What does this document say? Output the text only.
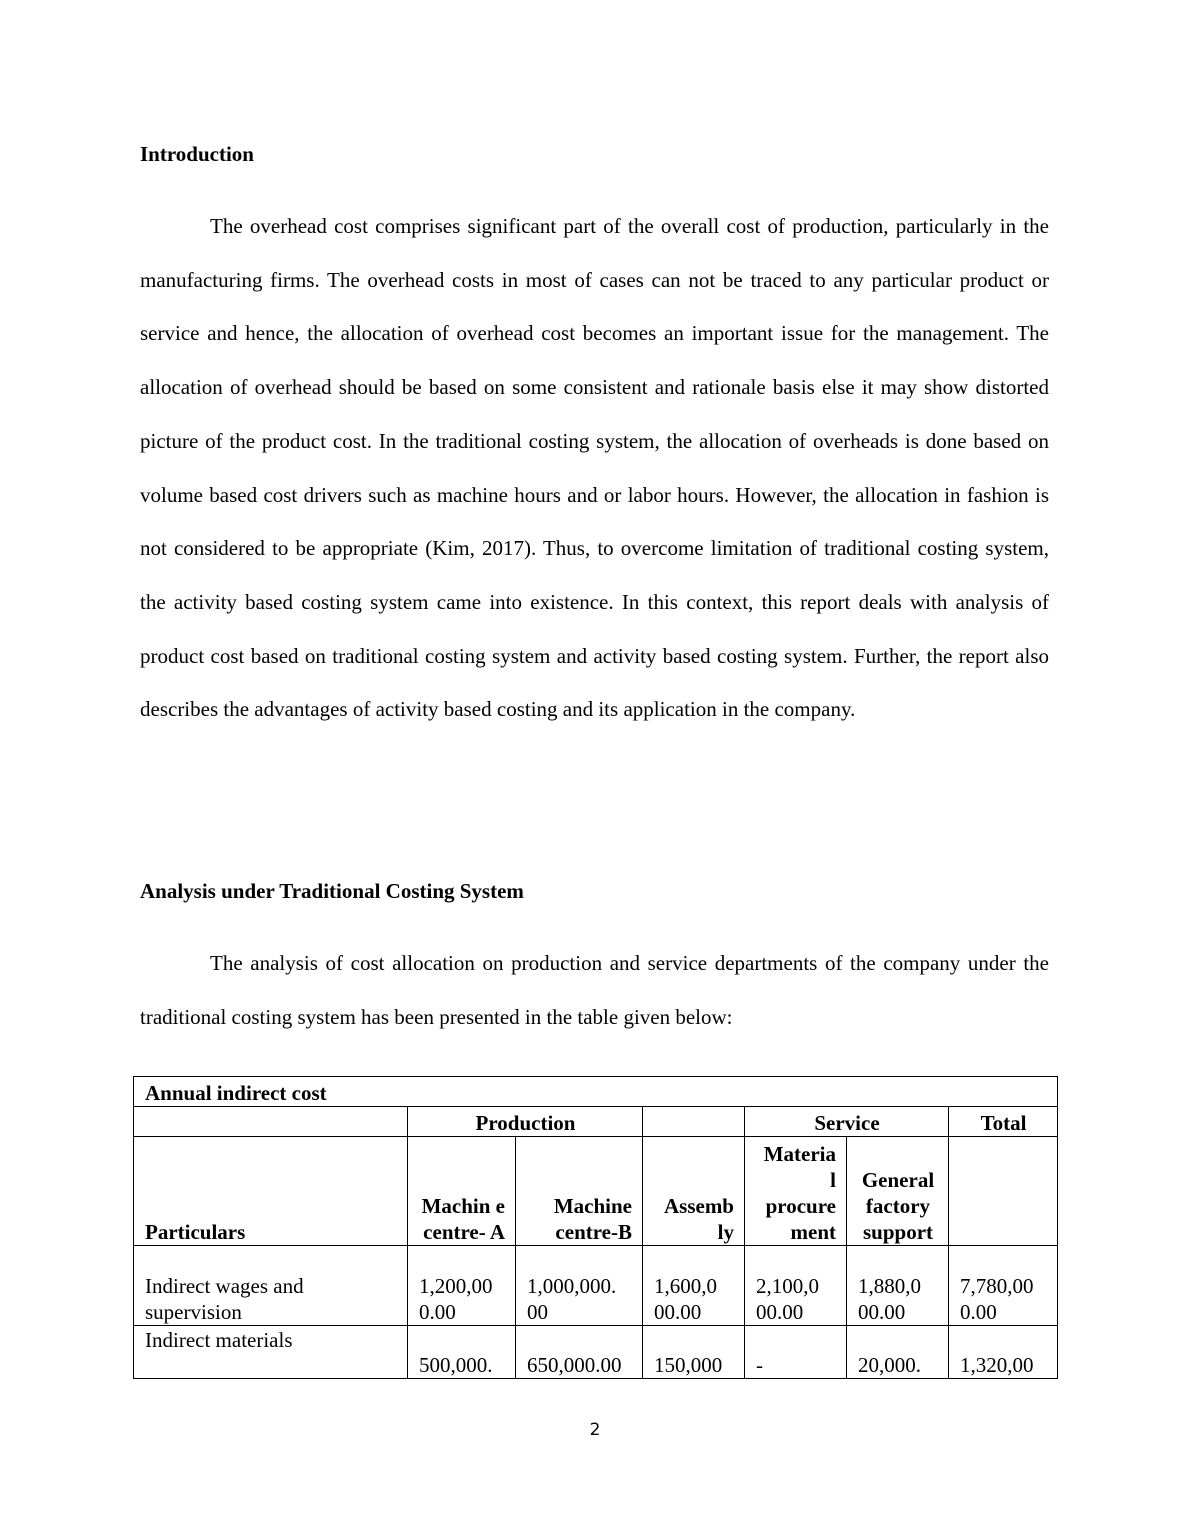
Introduction

The overhead cost comprises significant part of the overall cost of production, particularly in the manufacturing firms. The overhead costs in most of cases can not be traced to any particular product or service and hence, the allocation of overhead cost becomes an important issue for the management. The allocation of overhead should be based on some consistent and rationale basis else it may show distorted picture of the product cost. In the traditional costing system, the allocation of overheads is done based on volume based cost drivers such as machine hours and or labor hours. However, the allocation in fashion is not considered to be appropriate (Kim, 2017). Thus, to overcome limitation of traditional costing system, the activity based costing system came into existence. In this context, this report deals with analysis of product cost based on traditional costing system and activity based costing system. Further, the report also describes the advantages of activity based costing and its application in the company.

Analysis under Traditional Costing System

The analysis of cost allocation on production and service departments of the company under the traditional costing system has been presented in the table given below:

Annual indirect cost						
	Production			Service		Total
Particulars	Machin e centre- A	Machine centre-B	Assemb ly	Materia l procure ment	General factory support	
Indirect wages and supervision	1,200,00 0.00	1,000,000. 00	1,600,0 00.00	2,100,0 00.00	1,880,0 00.00	7,780,00 0.00
Indirect materials	500,000.	650,000.00	150,000	-	20,000.	1,320,00
2
